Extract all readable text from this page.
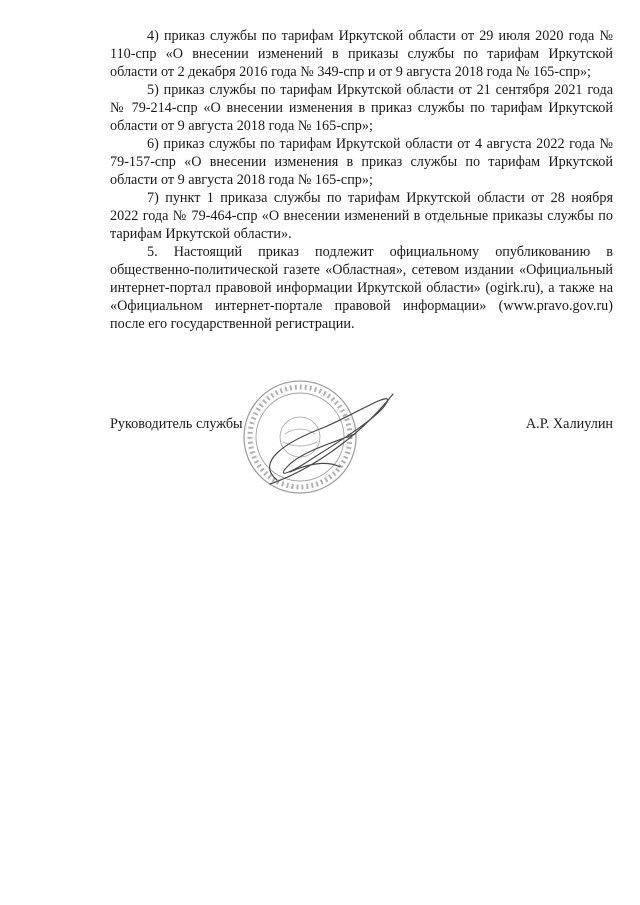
4) приказ службы по тарифам Иркутской области от 29 июля 2020 года № 110-спр «О внесении изменений в приказы службы по тарифам Иркутской области от 2 декабря 2016 года № 349-спр и от 9 августа 2018 года № 165-спр»;

5) приказ службы по тарифам Иркутской области от 21 сентября 2021 года № 79-214-спр «О внесении изменения в приказ службы по тарифам Иркутской области от 9 августа 2018 года № 165-спр»;

6) приказ службы по тарифам Иркутской области от 4 августа 2022 года № 79-157-спр «О внесении изменения в приказ службы по тарифам Иркутской области от 9 августа 2018 года № 165-спр»;

7) пункт 1 приказа службы по тарифам Иркутской области от 28 ноября 2022 года № 79-464-спр «О внесении изменений в отдельные приказы службы по тарифам Иркутской области».

5. Настоящий приказ подлежит официальному опубликованию в общественно-политической газете «Областная», сетевом издании «Официальный интернет-портал правовой информации Иркутской области» (ogirk.ru), а также на «Официальном интернет-портале правовой информации» (www.pravo.gov.ru) после его государственной регистрации.

Руководитель службы	А.Р. Халиулин
